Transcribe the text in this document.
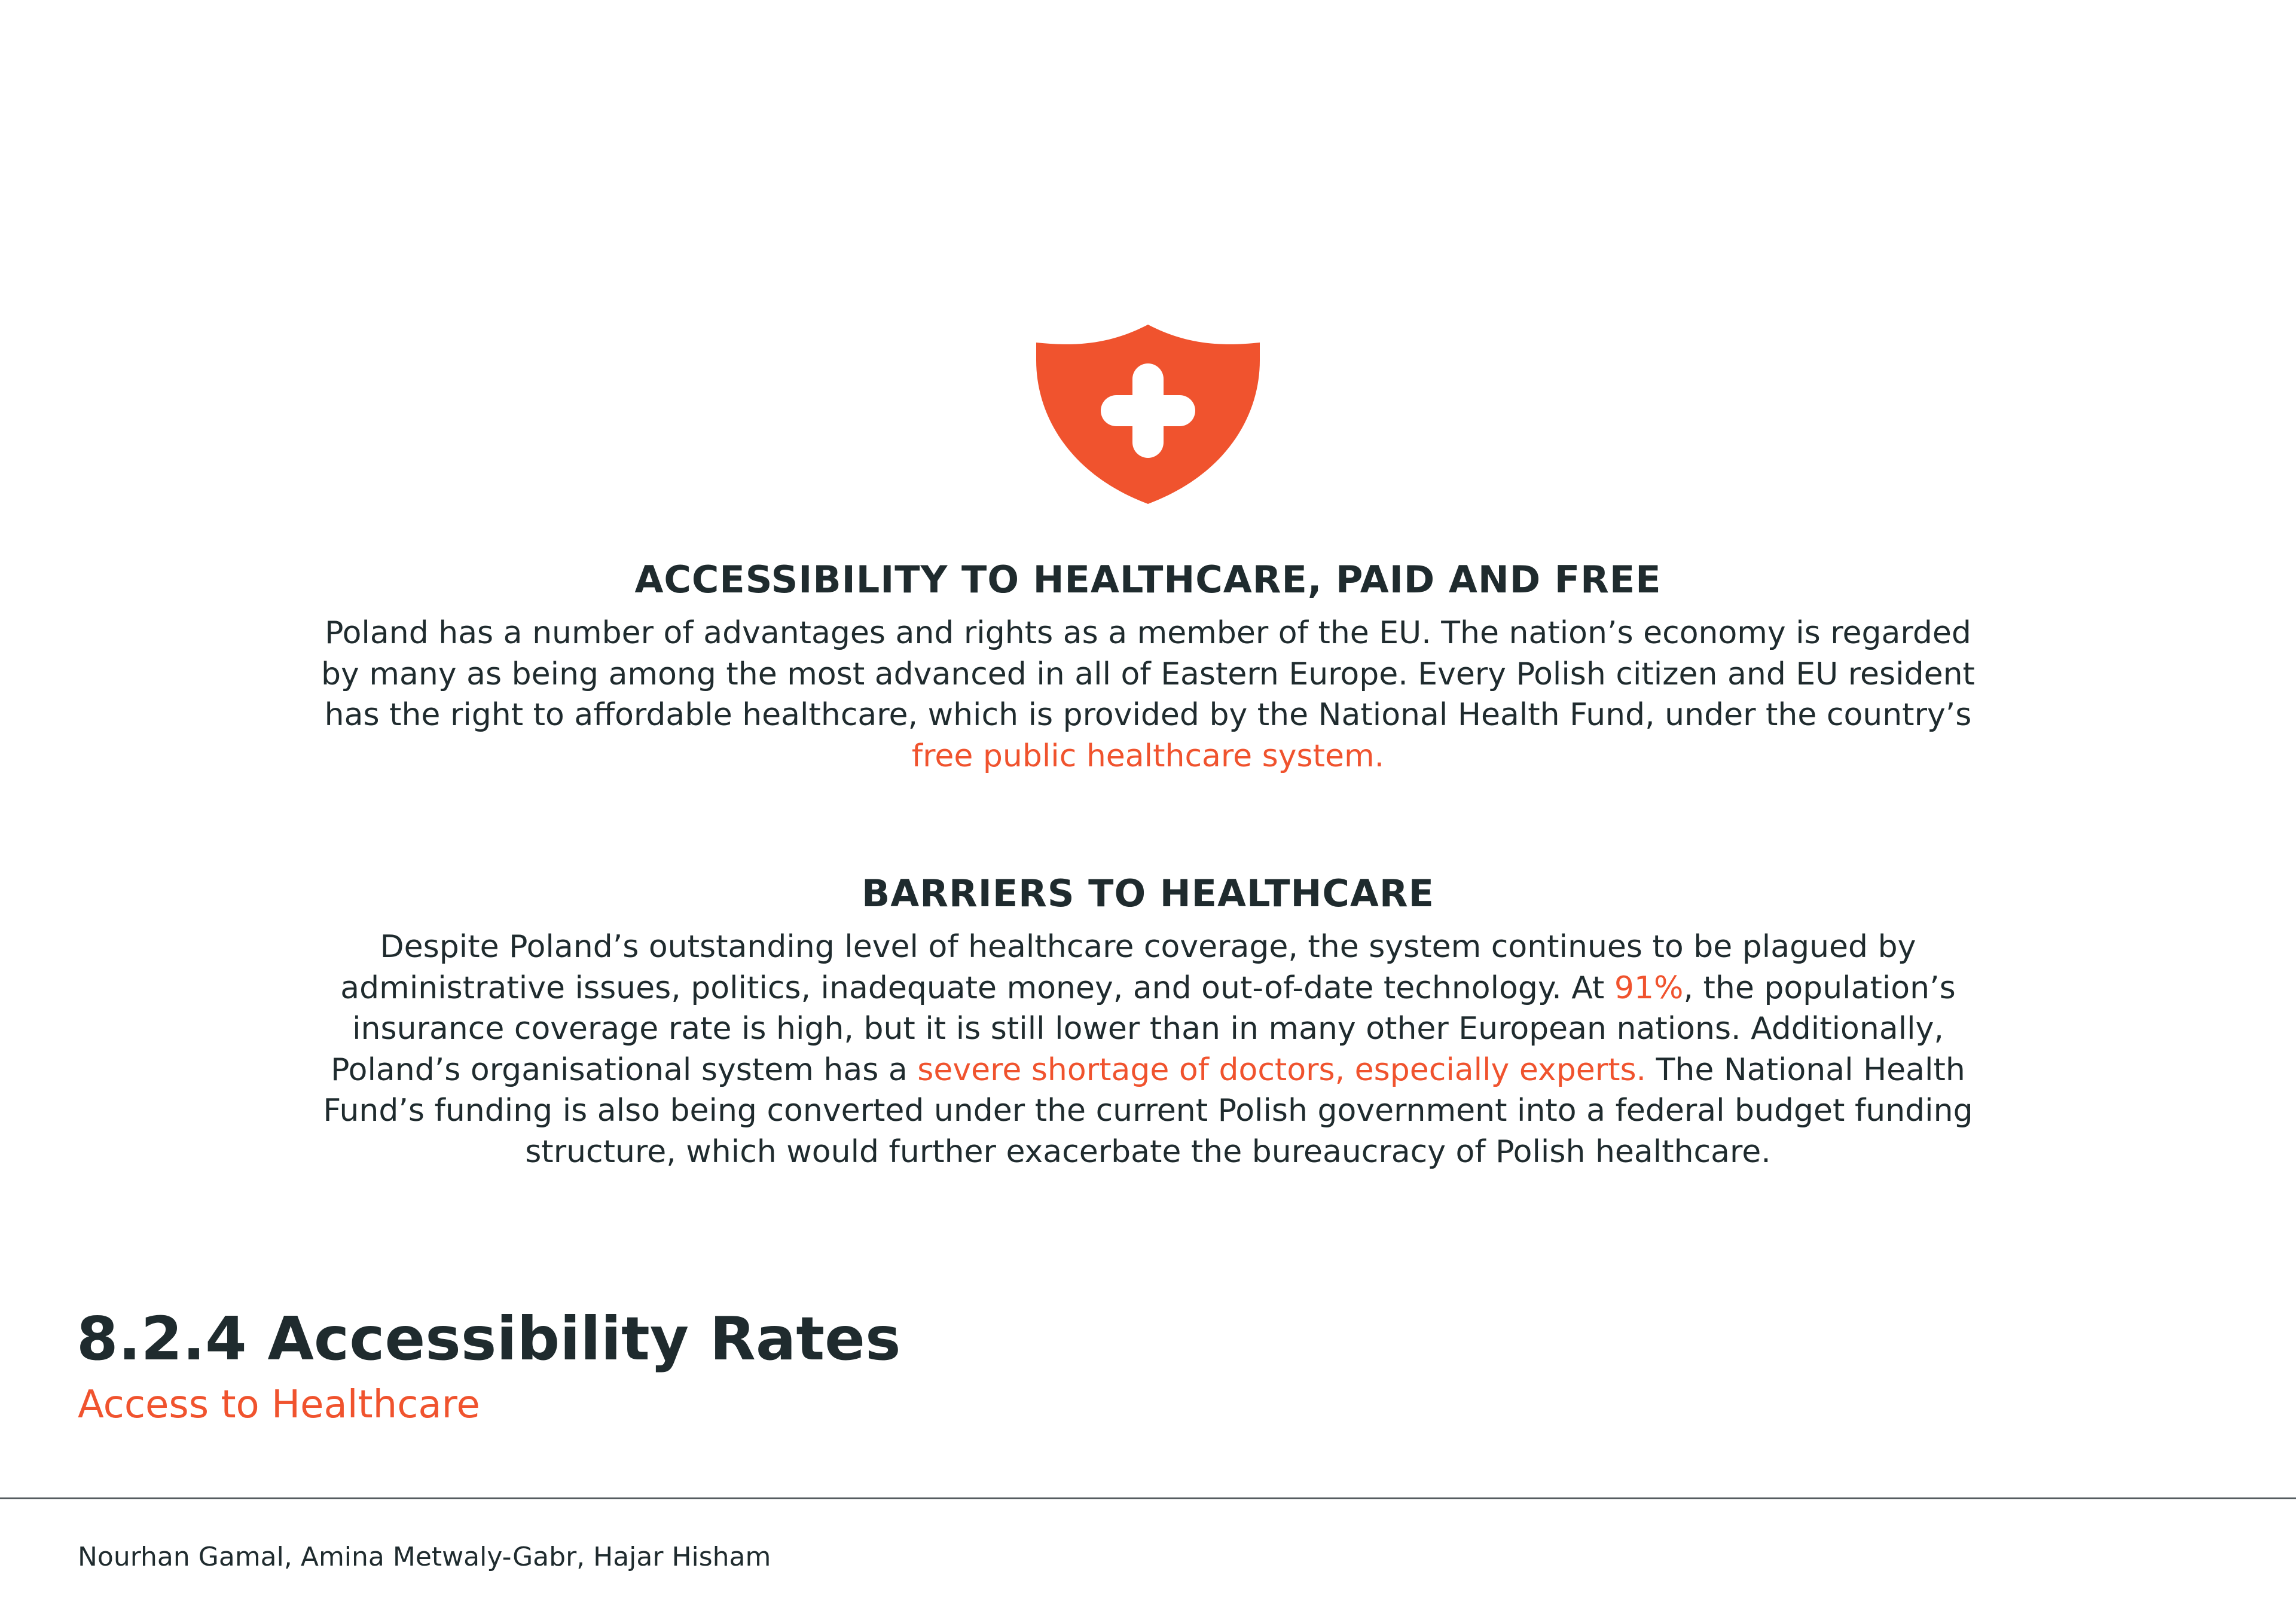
ACCESSIBILITY TO HEALTHCARE, PAID AND FREE

Poland has a number of advantages and rights as a member of the EU. The nation’s economy is regarded
by many as being among the most advanced in all of Eastern Europe. Every Polish citizen and EU resident
has the right to affordable healthcare, which is provided by the National Health Fund, under the country’s
free public healthcare system.

BARRIERS TO HEALTHCARE

Despite Poland’s outstanding level of healthcare coverage, the system continues to be plagued by
administrative issues, politics, inadequate money, and out-of-date technology. At 91%, the population’s
insurance coverage rate is high, but it is still lower than in many other European nations. Additionally,
Poland’s organisational system has a severe shortage of doctors, especially experts. The National Health
Fund’s funding is also being converted under the current Polish government into a federal budget funding
structure, which would further exacerbate the bureaucracy of Polish healthcare.

8.2.4 Accessibility Rates
Access to Healthcare
Nourhan Gamal, Amina Metwaly-Gabr, Hajar Hisham
